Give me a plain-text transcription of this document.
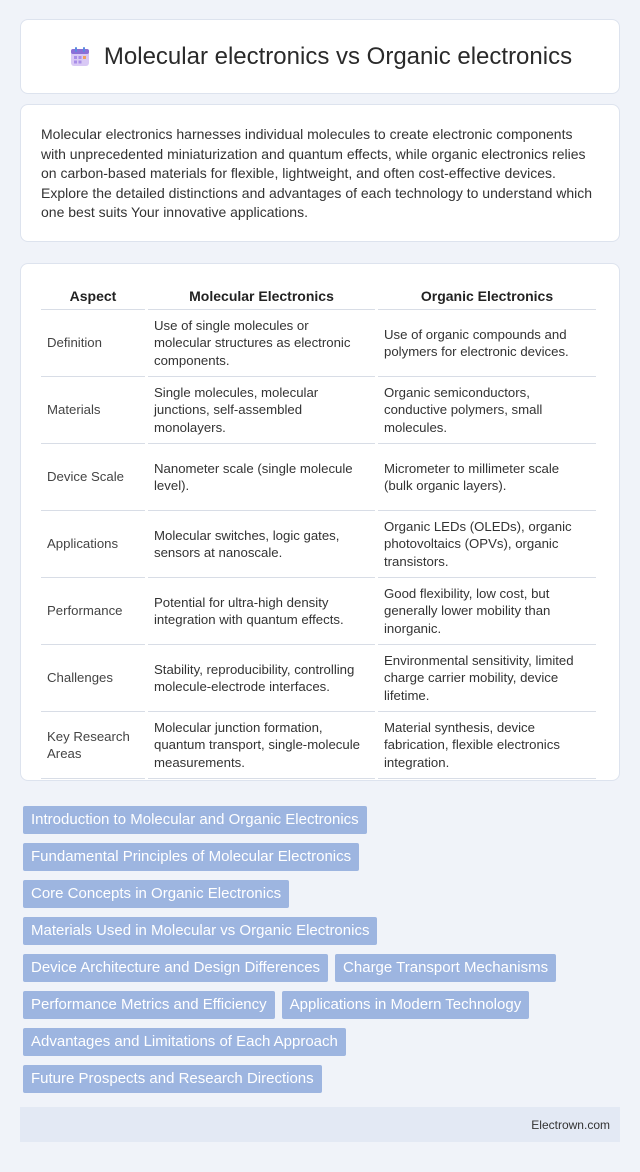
Molecular electronics vs Organic electronics

Molecular electronics harnesses individual molecules to create electronic components with unprecedented miniaturization and quantum effects, while organic electronics relies on carbon-based materials for flexible, lightweight, and often cost-effective devices. Explore the detailed distinctions and advantages of each technology to understand which one best suits Your innovative applications.

Aspect	Molecular Electronics	Organic Electronics
Definition	Use of single molecules or molecular structures as electronic components.	Use of organic compounds and polymers for electronic devices.
Materials	Single molecules, molecular junctions, self-assembled monolayers.	Organic semiconductors, conductive polymers, small molecules.
Device Scale	Nanometer scale (single molecule level).	Micrometer to millimeter scale (bulk organic layers).
Applications	Molecular switches, logic gates, sensors at nanoscale.	Organic LEDs (OLEDs), organic photovoltaics (OPVs), organic transistors.
Performance	Potential for ultra-high density integration with quantum effects.	Good flexibility, low cost, but generally lower mobility than inorganic.
Challenges	Stability, reproducibility, controlling molecule-electrode interfaces.	Environmental sensitivity, limited charge carrier mobility, device lifetime.
Key Research Areas	Molecular junction formation, quantum transport, single-molecule measurements.	Material synthesis, device fabrication, flexible electronics integration.
Introduction to Molecular and Organic Electronics
Fundamental Principles of Molecular Electronics
Core Concepts in Organic Electronics
Materials Used in Molecular vs Organic Electronics
Device Architecture and Design Differences	Charge Transport Mechanisms
Performance Metrics and Efficiency	Applications in Modern Technology
Advantages and Limitations of Each Approach
Future Prospects and Research Directions
Electrown.com
